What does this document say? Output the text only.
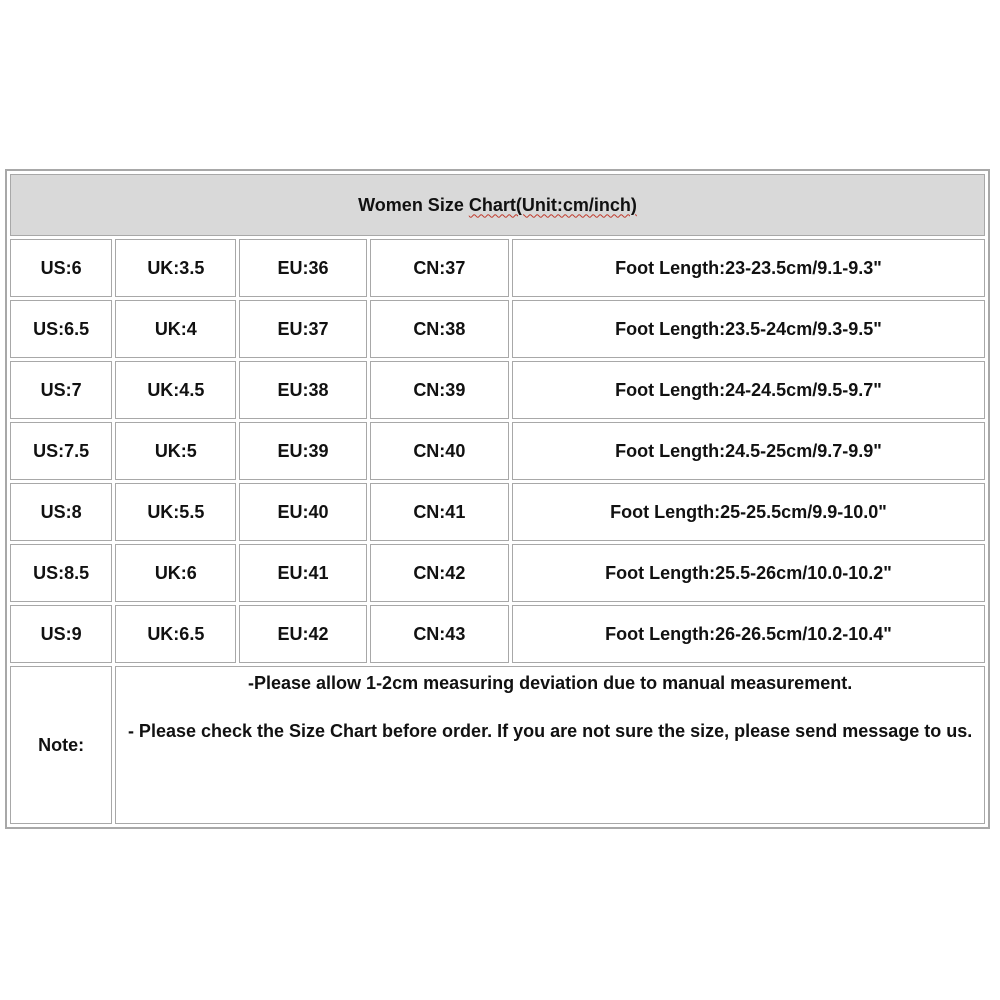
Women Size Chart(Unit:cm/inch)				
US:6	UK:3.5	EU:36	CN:37	Foot Length:23-23.5cm/9.1-9.3"
US:6.5	UK:4	EU:37	CN:38	Foot Length:23.5-24cm/9.3-9.5"
US:7	UK:4.5	EU:38	CN:39	Foot Length:24-24.5cm/9.5-9.7"
US:7.5	UK:5	EU:39	CN:40	Foot Length:24.5-25cm/9.7-9.9"
US:8	UK:5.5	EU:40	CN:41	Foot Length:25-25.5cm/9.9-10.0"
US:8.5	UK:6	EU:41	CN:42	Foot Length:25.5-26cm/10.0-10.2"
US:9	UK:6.5	EU:42	CN:43	Foot Length:26-26.5cm/10.2-10.4"
Note:	-Please allow 1-2cm measuring deviation due to manual measurement.
- Please check the Size Chart before order. If you are not sure the size, please send message to us.			
